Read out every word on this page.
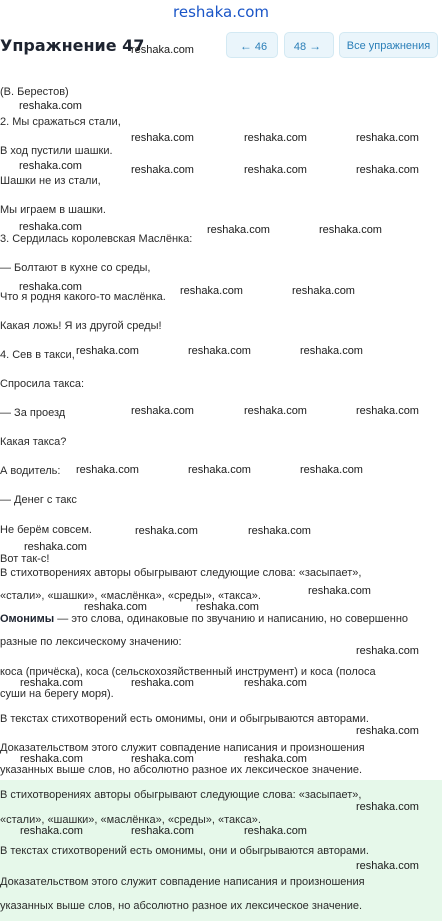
reshaka.com
Упражнение 47	← 46	48 →	Все упражнения
(В. Берестов)
2. Мы сражаться стали,
В ход пустили шашки.
Шашки не из стали,
Мы играем в шашки.
3. Сердилась королевская Маслёнка:
— Болтают в кухне со среды,
Что я родня какого-то маслёнка.
Какая ложь! Я из другой среды!
4. Сев в такси,
Спросила такса:
— За проезд
Какая такса?
А водитель:
— Денег с такс
Не берём совсем.
Вот так-с!
В стихотворениях авторы обыгрывают следующие слова: «засыпает»,
«стали», «шашки», «маслёнка», «среды», «такса».
Омонимы — это слова, одинаковые по звучанию и написанию, но совершенно
разные по лексическому значению:
коса (причёска), коса (сельскохозяйственный инструмент) и коса (полоса
суши на берегу моря).
В текстах стихотворений есть омонимы, они и обыгрываются авторами.
Доказательством этого служит совпадение написания и произношения
указанных выше слов, но абсолютно разное их лексическое значение.
В стихотворениях авторы обыгрывают следующие слова: «засыпает»,
«стали», «шашки», «маслёнка», «среды», «такса».
В текстах стихотворений есть омонимы, они и обыгрываются авторами.
Доказательством этого служит совпадение написания и произношения
указанных выше слов, но абсолютно разное их лексическое значение.
reshaka.com
reshaka.com
reshaka.com	reshaka.com	reshaka.com
reshaka.com	reshaka.com	reshaka.com	reshaka.com
reshaka.com	reshaka.com	reshaka.com
reshaka.com	reshaka.com	reshaka.com
reshaka.com	reshaka.com	reshaka.com
reshaka.com	reshaka.com	reshaka.com
reshaka.com	reshaka.com	reshaka.com
reshaka.com	reshaka.com
reshaka.com
reshaka.com
reshaka.com	reshaka.com
reshaka.com
reshaka.com	reshaka.com	reshaka.com
reshaka.com
reshaka.com	reshaka.com	reshaka.com
reshaka.com
reshaka.com	reshaka.com	reshaka.com
reshaka.com
